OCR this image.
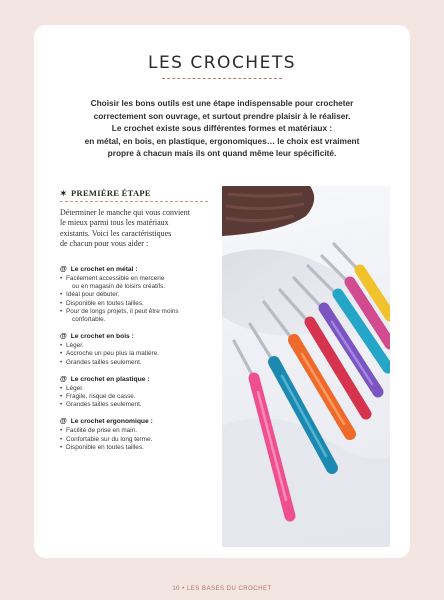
LES CROCHETS
Choisir les bons outils est une étape indispensable pour crocheter
correctement son ouvrage, et surtout prendre plaisir à le réaliser.
Le crochet existe sous différentes formes et matériaux :
en métal, en bois, en plastique, ergonomiques… le choix est vraiment
propre à chacun mais ils ont quand même leur spécificité.
✶ PREMIÈRE ÉTAPE
Déterminer le manche qui vous convient
le mieux parmi tous les matériaux
existants. Voici les caractéristiques
de chacun pour vous aider :
@ Le crochet en métal :
• Facilement accessible en mercerie
ou en magasin de loisirs créatifs.
• Idéal pour débuter.
• Disponible en toutes tailles.
• Pour de longs projets, il peut être moins
confortable.
@ Le crochet en bois :
• Léger.
• Accroche un peu plus la matière.
• Grandes tailles seulement.
@ Le crochet en plastique :
• Léger.
• Fragile, risque de casse.
• Grandes tailles seulement.
@ Le crochet ergonomique :
• Facilité de prise en main.
• Confortable sur du long terme.
• Disponible en toutes tailles.
10 • LES BASES DU CROCHET
